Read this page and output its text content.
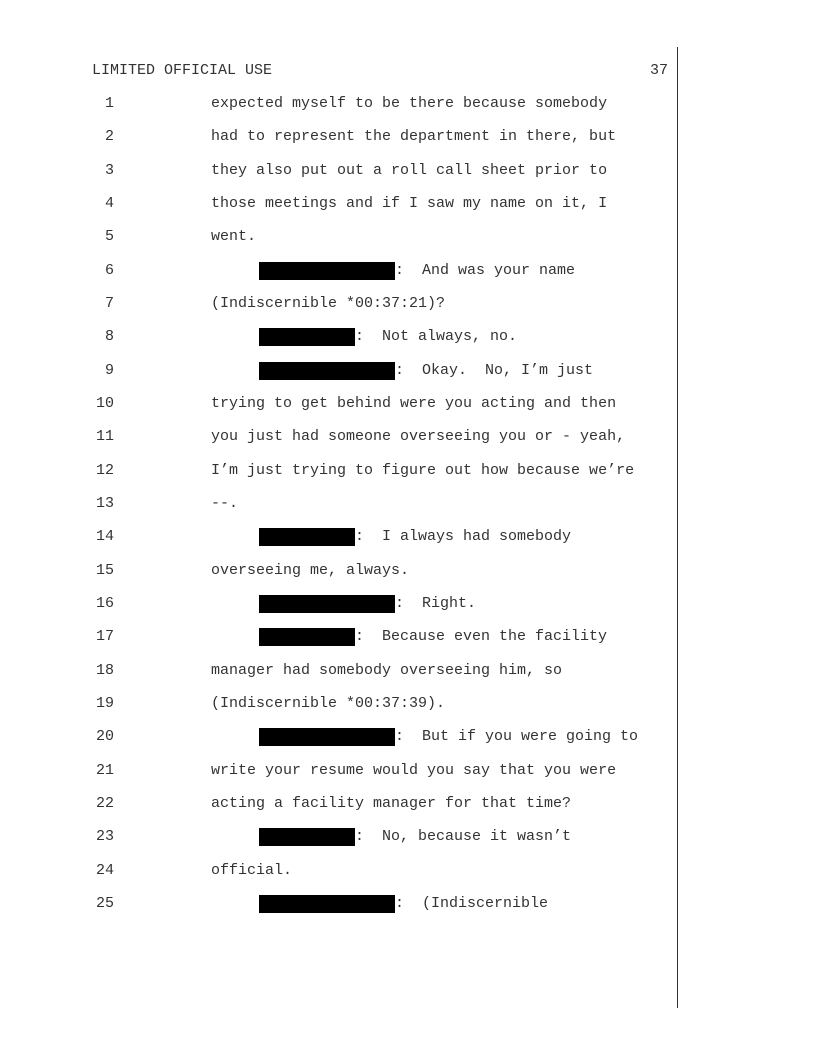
LIMITED OFFICIAL USE	37
1	expected myself to be there because somebody
2	had to represent the department in there, but
3	they also put out a roll call sheet prior to
4	those meetings and if I saw my name on it, I
5	went.
6	:  And was your name
7	(Indiscernible *00:37:21)?
8	:  Not always, no.
9	:  Okay.  No, I’m just
10	trying to get behind were you acting and then
11	you just had someone overseeing you or - yeah,
12	I’m just trying to figure out how because we’re
13	--.
14	:  I always had somebody
15	overseeing me, always.
16	:  Right.
17	:  Because even the facility
18	manager had somebody overseeing him, so
19	(Indiscernible *00:37:39).
20	:  But if you were going to
21	write your resume would you say that you were
22	acting a facility manager for that time?
23	:  No, because it wasn’t
24	official.
25	:  (Indiscernible
